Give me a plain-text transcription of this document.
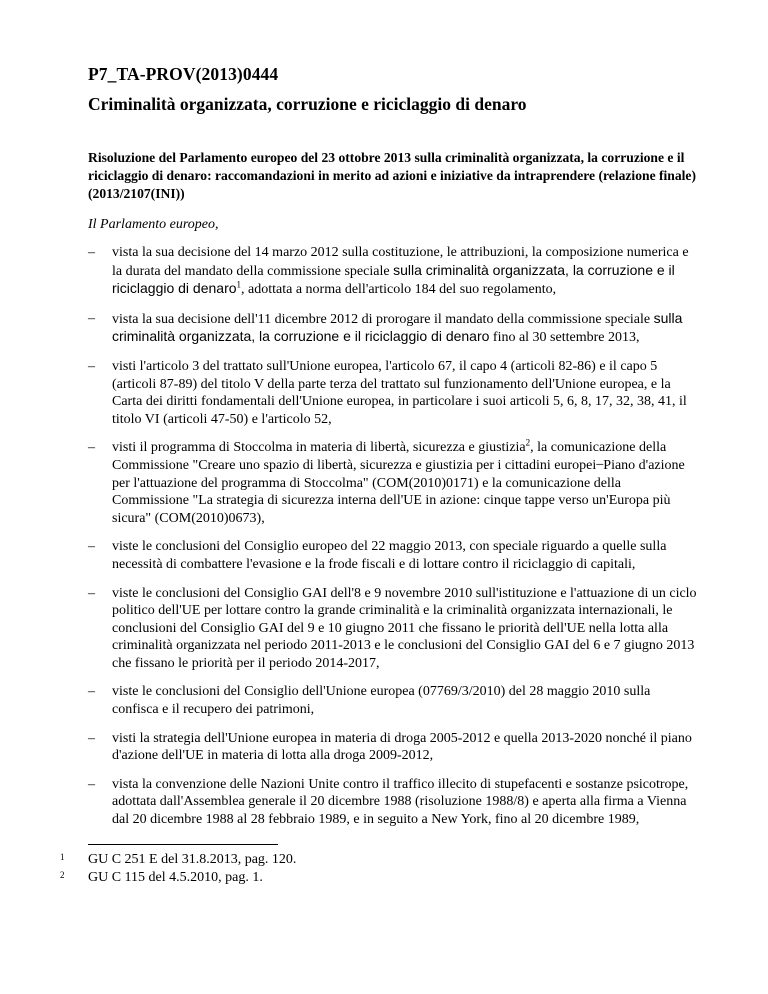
P7_TA-PROV(2013)0444
Criminalità organizzata, corruzione e riciclaggio di denaro
Risoluzione del Parlamento europeo del 23 ottobre 2013 sulla criminalità organizzata, la corruzione e il riciclaggio di denaro: raccomandazioni in merito ad azioni e iniziative da intraprendere (relazione finale) (2013/2107(INI))
Il Parlamento europeo,
– vista la sua decisione del 14 marzo 2012 sulla costituzione, le attribuzioni, la composizione numerica e la durata del mandato della commissione speciale sulla criminalità organizzata, la corruzione e il riciclaggio di denaro$^1$, adottata a norma dell'articolo 184 del suo regolamento,
– vista la sua decisione dell'11 dicembre 2012 di prorogare il mandato della commissione speciale sulla criminalità organizzata, la corruzione e il riciclaggio di denaro fino al 30 settembre 2013,
– visti l'articolo 3 del trattato sull'Unione europea, l'articolo 67, il capo 4 (articoli 82-86) e il capo 5 (articoli 87-89) del titolo V della parte terza del trattato sul funzionamento dell'Unione europea, e la Carta dei diritti fondamentali dell'Unione europea, in particolare i suoi articoli 5, 6, 8, 17, 32, 38, 41, il titolo VI (articoli 47-50) e l'articolo 52,
– visti il programma di Stoccolma in materia di libertà, sicurezza e giustizia$^2$, la comunicazione della Commissione "Creare uno spazio di libertà, sicurezza e giustizia per i cittadini europei ̶ Piano d'azione per l'attuazione del programma di Stoccolma" (COM(2010)0171) e la comunicazione della Commissione "La strategia di sicurezza interna dell'UE in azione: cinque tappe verso un'Europa più sicura" (COM(2010)0673),
– viste le conclusioni del Consiglio europeo del 22 maggio 2013, con speciale riguardo a quelle sulla necessità di combattere l'evasione e la frode fiscali e di lottare contro il riciclaggio di capitali,
– viste le conclusioni del Consiglio GAI dell'8 e 9 novembre 2010 sull'istituzione e l'attuazione di un ciclo politico dell'UE per lottare contro la grande criminalità e la criminalità organizzata internazionali, le conclusioni del Consiglio GAI del 9 e 10 giugno 2011 che fissano le priorità dell'UE nella lotta alla criminalità organizzata nel periodo 2011-2013 e le conclusioni del Consiglio GAI del 6 e 7 giugno 2013 che fissano le priorità per il periodo 2014-2017,
– viste le conclusioni del Consiglio dell'Unione europea (07769/3/2010) del 28 maggio 2010 sulla confisca e il recupero dei patrimoni,
– visti la strategia dell'Unione europea in materia di droga 2005-2012 e quella 2013-2020 nonché il piano d'azione dell'UE in materia di lotta alla droga 2009-2012,
– vista la convenzione delle Nazioni Unite contro il traffico illecito di stupefacenti e sostanze psicotrope, adottata dall'Assemblea generale il 20 dicembre 1988 (risoluzione 1988/8) e aperta alla firma a Vienna dal 20 dicembre 1988 al 28 febbraio 1989, e in seguito a New York, fino al 20 dicembre 1989,
1 GU C 251 E del 31.8.2013, pag. 120.
2 GU C 115 del 4.5.2010, pag. 1.
